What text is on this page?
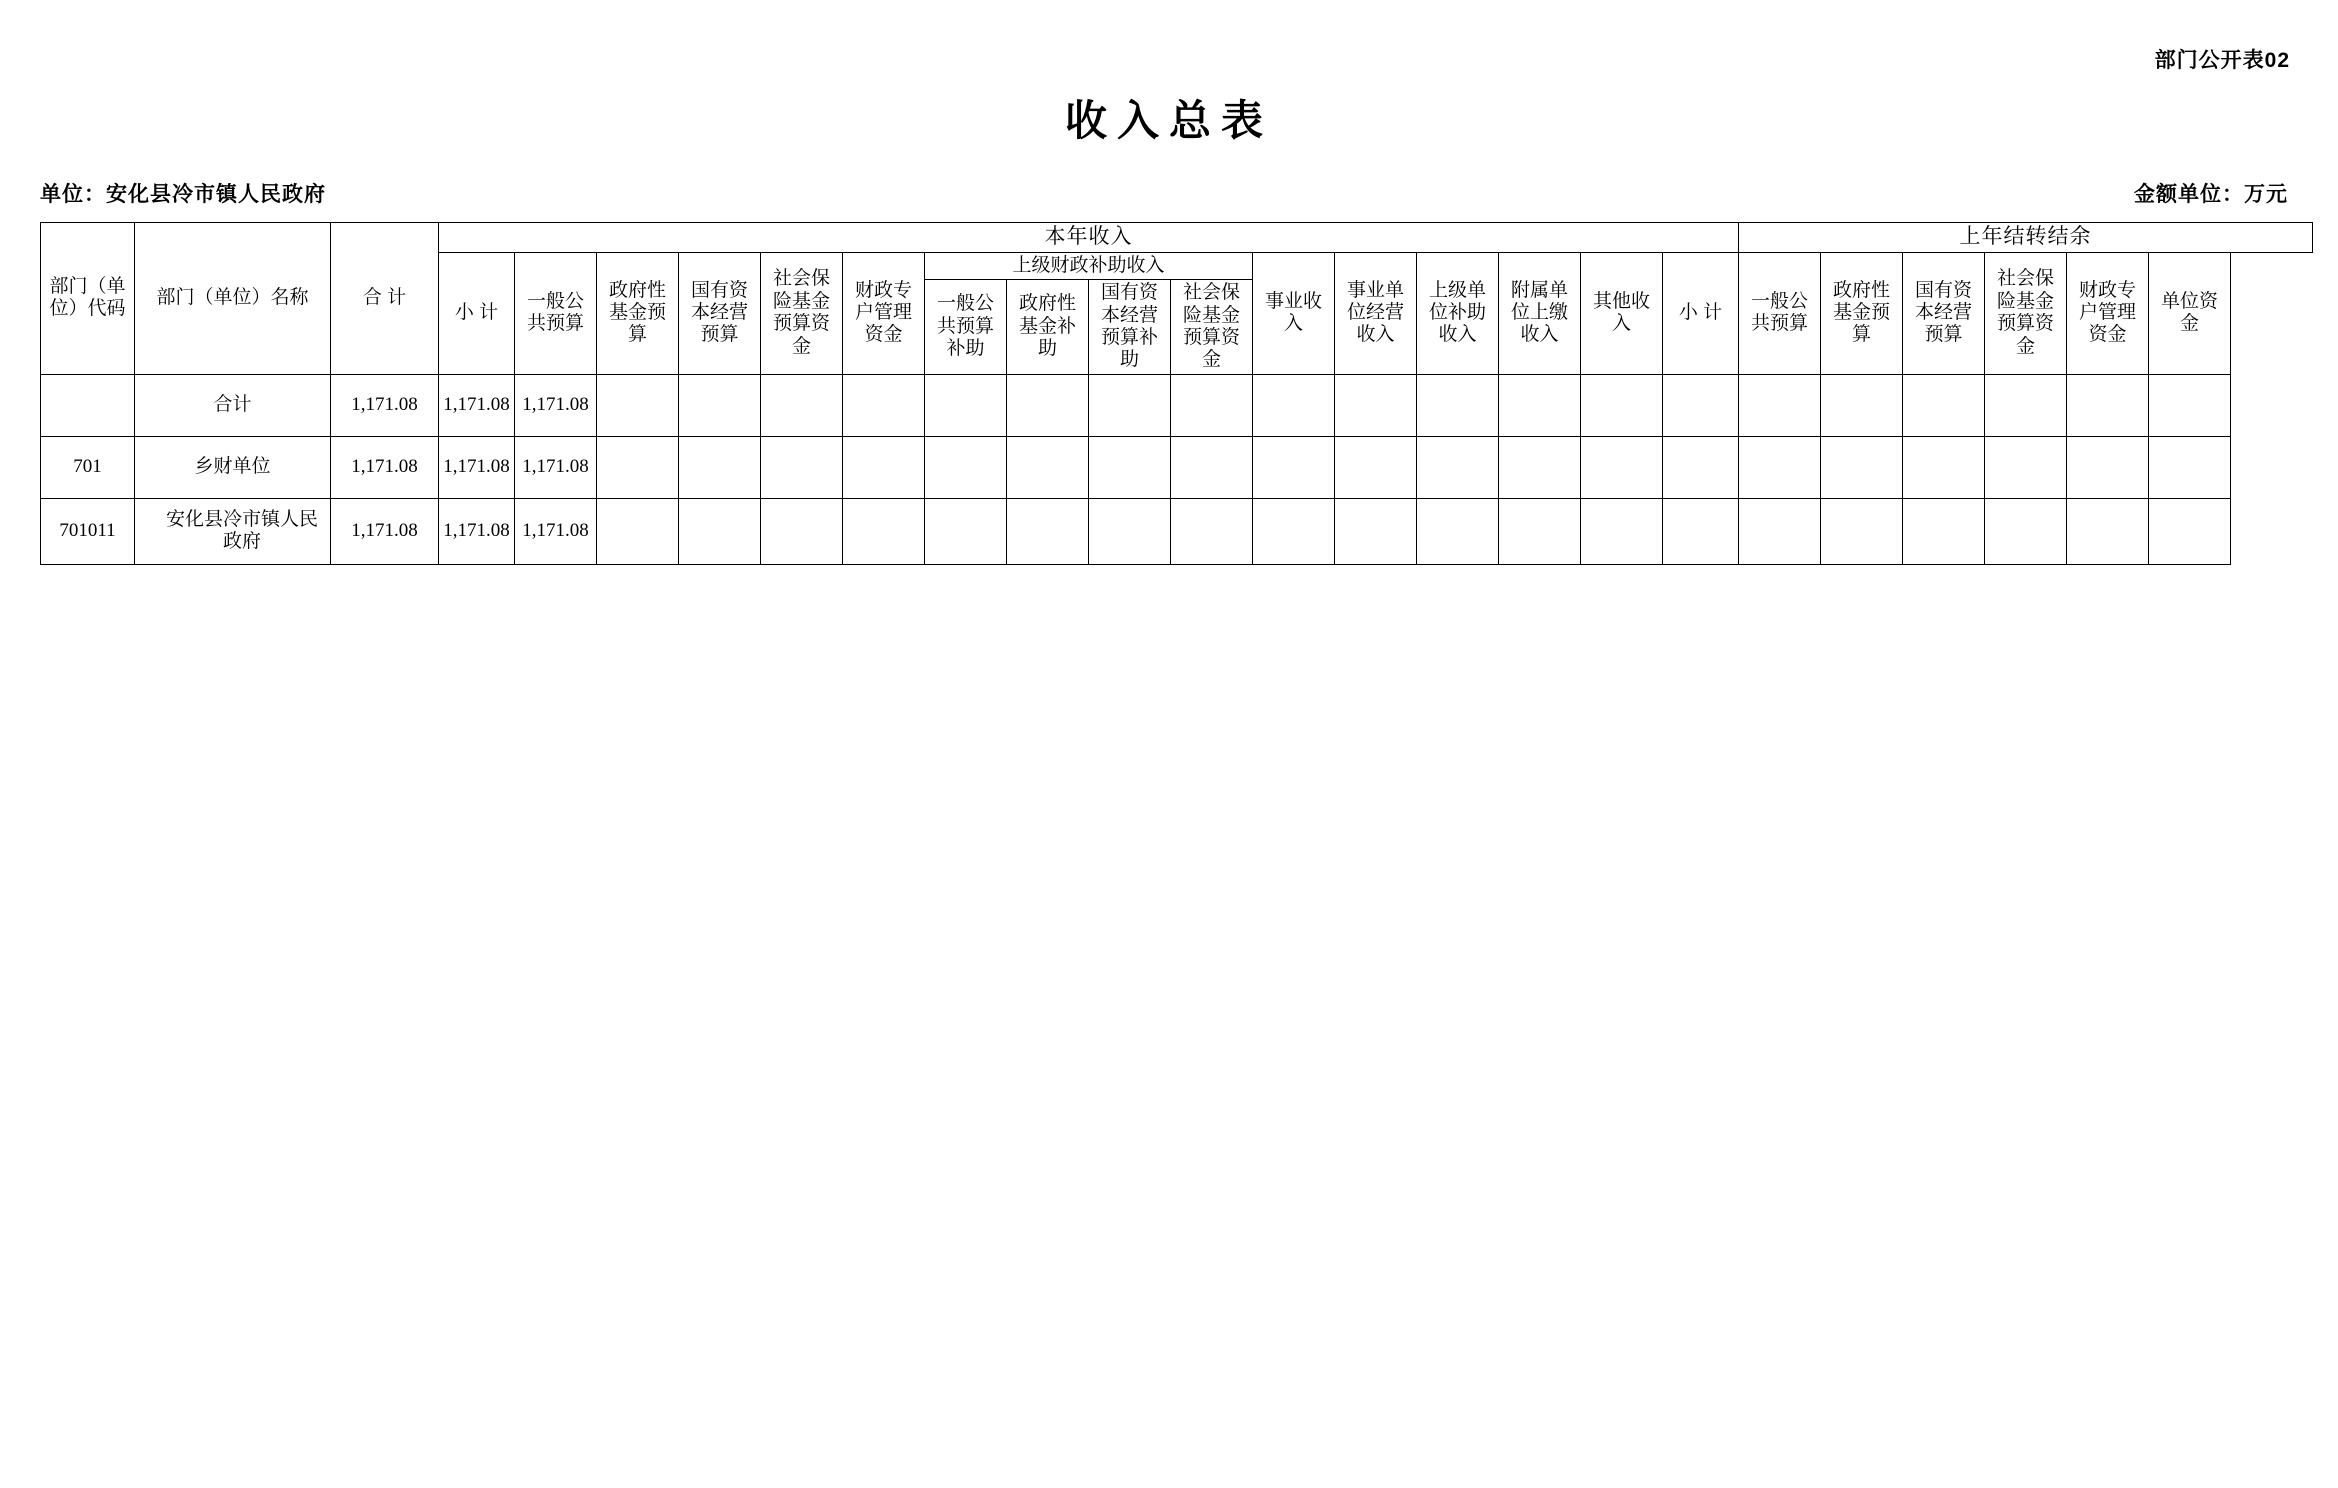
部门公开表02
收入总表
单位：安化县冷市镇人民政府	金额单位：万元
部门（单位）代码	部门（单位）名称	合 计	本年收入																上年结转结余					
			小 计	一般公共预算	政府性基金预算	国有资本经营预算	社会保险基金预算资金	财政专户管理资金	上级财政补助收入				事业收入	事业单位经营收入	上级单位补助收入	附属单位上缴收入	其他收入	小 计	一般公共预算	政府性基金预算	国有资本经营预算	社会保险基金预算资金	财政专户管理资金	单位资金
									一般公共预算补助	政府性基金补助	国有资本经营预算补助	社会保险基金预算资金												

	合计	1,171.08	1,171.08	1,171.08																				
701	乡财单位	1,171.08	1,171.08	1,171.08																				
701011	安化县冷市镇人民政府	1,171.08	1,171.08	1,171.08																				
